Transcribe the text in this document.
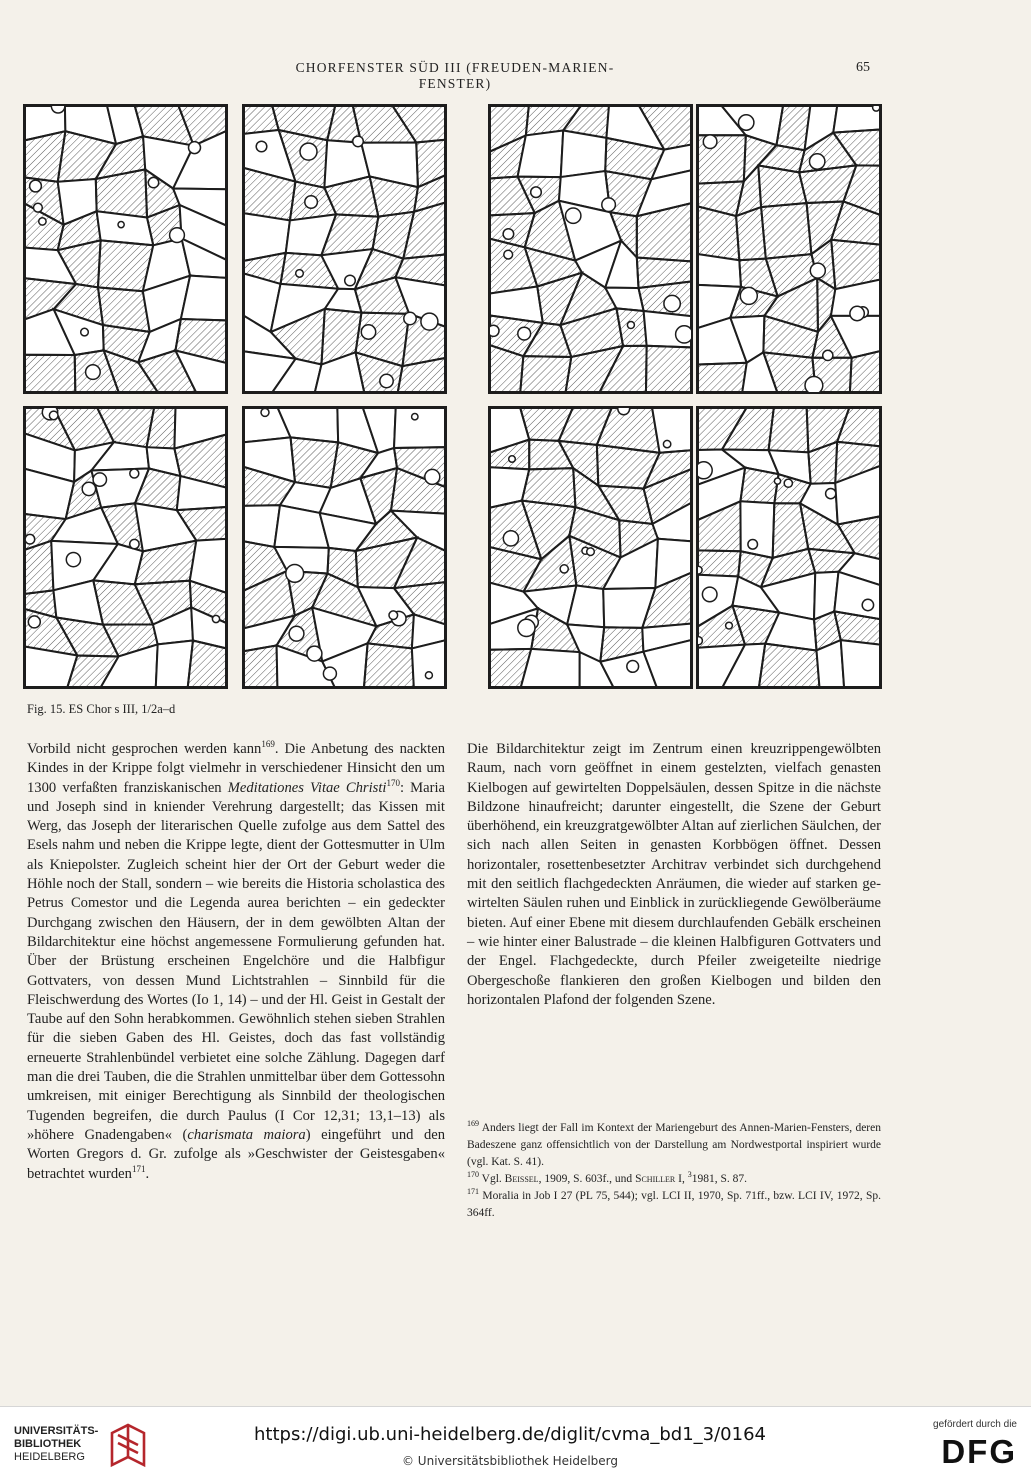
CHORFENSTER SÜD III (FREUDEN-MARIEN-FENSTER)
65
Fig. 15. ES Chor s III, 1/2a–d

Vorbild nicht gesprochen werden kann$^{169}$. Die Anbetung des nackten Kindes in der Krippe folgt vielmehr in verschiedener Hinsicht den um 1300 verfaßten franziskanischen Meditationes Vitae Christi$^{170}$: Maria und Joseph sind in kniender Verehrung dargestellt; das Kissen mit Werg, das Joseph der literarischen Quelle zufolge aus dem Sattel des Esels nahm und neben die Krippe legte, dient der Gottesmutter in Ulm als Kniepolster. Zugleich scheint hier der Ort der Geburt weder die Höhle noch der Stall, sondern – wie bereits die Historia scholastica des Petrus Comestor und die Legenda aurea berichten – ein gedeckter Durchgang zwischen den Häusern, der in dem gewölbten Altan der Bildarchitektur eine höchst angemessene Formulierung gefunden hat. Über der Brüstung erscheinen Engelchöre und die Halbfigur Gottvaters, von dessen Mund Lichtstrahlen – Sinnbild für die Fleischwerdung des Wortes (Io 1, 14) – und der Hl. Geist in Gestalt der Taube auf den Sohn herabkommen. Gewöhnlich stehen sieben Strahlen für die sieben Gaben des Hl. Geistes, doch das fast vollständig erneuerte Strahlenbündel verbietet eine solche Zählung. Dagegen darf man die drei Tauben, die die Strahlen unmittelbar über dem Gottessohn umkreisen, mit einiger Berechtigung als Sinnbild der theologischen Tugenden begreifen, die durch Paulus (I Cor 12,31; 13,1–13) als »höhere Gnadengaben« (charismata maiora) eingeführt und den Worten Gregors d. Gr. zufolge als »Geschwister der Geistesgaben« betrachtet wurden$^{171}$.

Die Bildarchitektur zeigt im Zentrum einen kreuzrippengewölbten Raum, nach vorn geöffnet in einem gestelzten, vielfach genasten Kielbogen auf gewirtelten Doppelsäulen, dessen Spitze in die nächste Bildzone hinaufreicht; darunter eingestellt, die Szene der Geburt überhöhend, ein kreuzgratgewölbter Altan auf zierlichen Säulchen, der sich nach allen Seiten in genasten Korbbögen öffnet. Dessen horizontaler, rosettenbesetzter Architrav verbindet sich durchgehend mit den seitlich flachgedeckten Anräumen, die wieder auf starken gewirtelten Säulen ruhen und Einblick in zurückliegende Gewölberäume bieten. Auf einer Ebene mit diesem durchlaufenden Gebälk erscheinen – wie hinter einer Balustrade – die kleinen Halbfiguren Gottvaters und der Engel. Flachgedeckte, durch Pfeiler zweigeteilte niedrige Obergeschoße flankieren den großen Kielbogen und bilden den horizontalen Plafond der folgenden Szene.

$^{169}$ Anders liegt der Fall im Kontext der Mariengeburt des Annen-Marien-Fensters, deren Badeszene ganz offensichtlich von der Darstellung am Nordwestportal inspiriert wurde (vgl. Kat. S. 41).

$^{170}$ Vgl. Beissel, 1909, S. 603f., und Schiller I, $^3$1981, S. 87.

$^{171}$ Moralia in Job I 27 (PL 75, 544); vgl. LCI II, 1970, Sp. 71ff., bzw. LCI IV, 1972, Sp. 364ff.

UNIVERSITÄTS-
BIBLIOTHEK
HEIDELBERG
https://digi.ub.uni-heidelberg.de/diglit/cvma_bd1_3/0164
© Universitätsbibliothek Heidelberg
gefördert durch die
DFG
